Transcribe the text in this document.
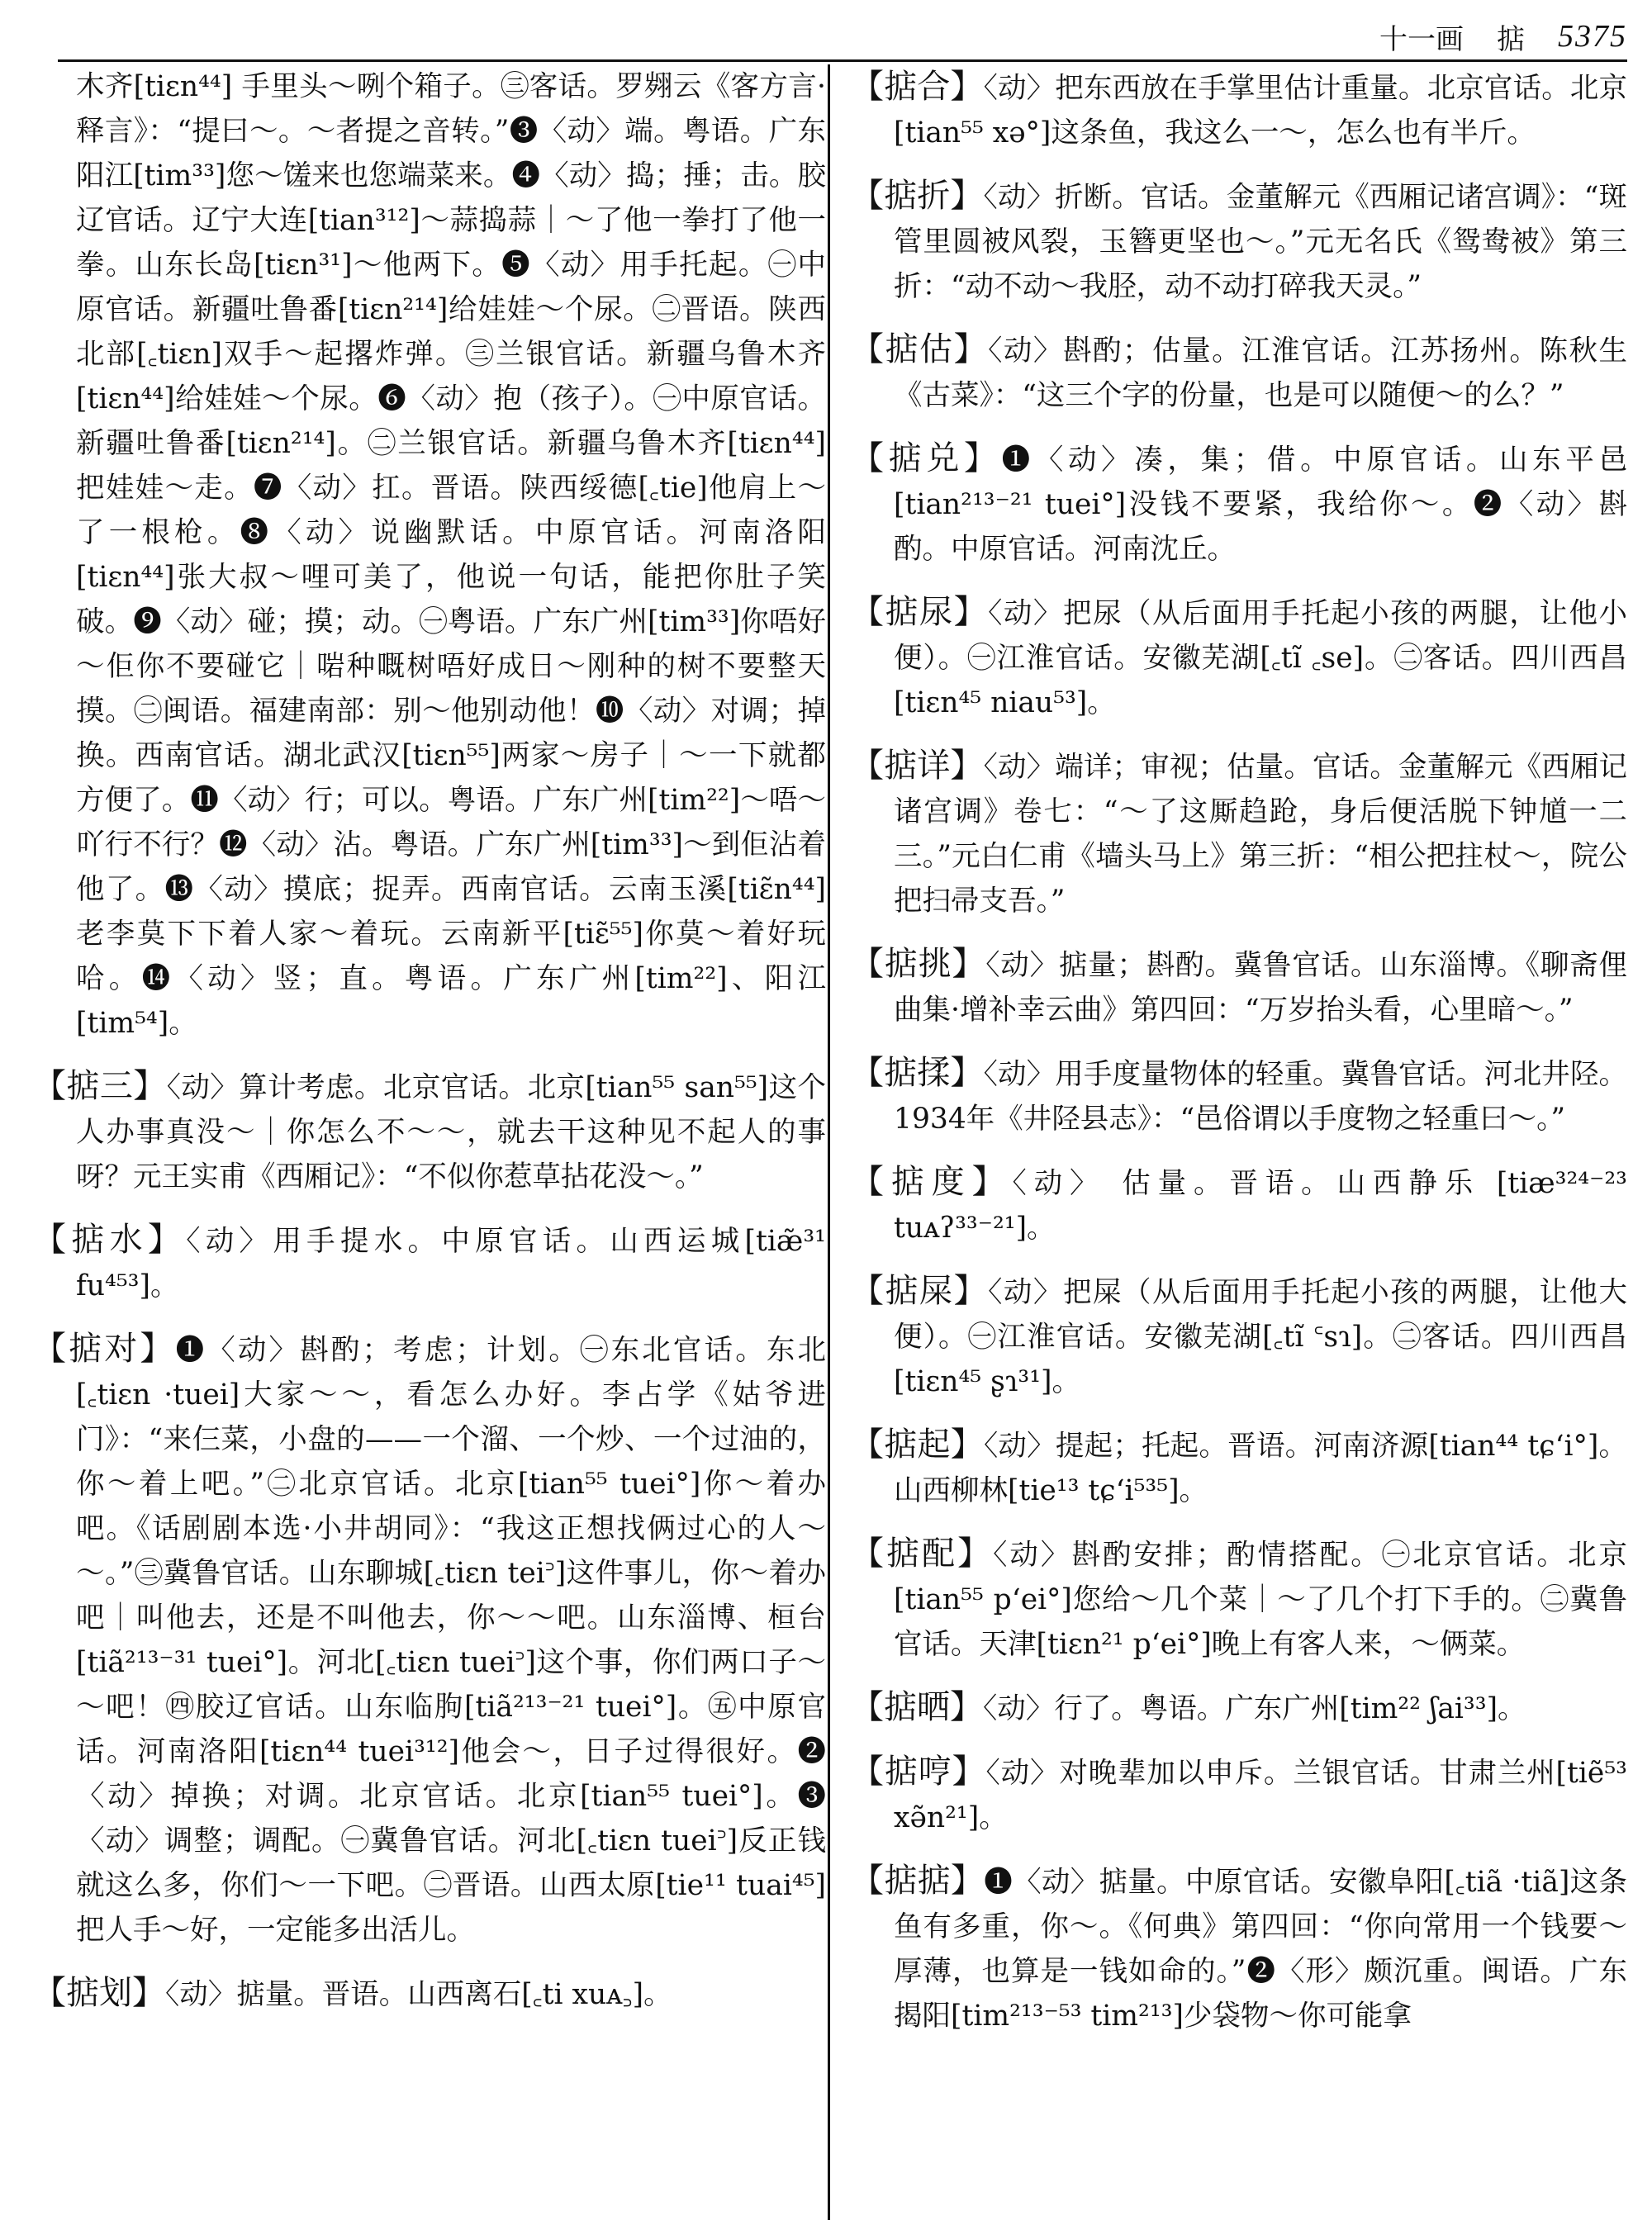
十一画 掂 5375

木齐[tiɛn⁴⁴] 手里头～咧个箱子。㊂客话。罗翙云《客方言·释言》：“提曰～。～者提之音转。”❸〈动〉端。粤语。广东阳江[tim³³]您～馐来也您端菜来。❹〈动〉捣；捶；击。胶辽官话。辽宁大连[tian³¹²]～蒜捣蒜｜～了他一拳打了他一拳。山东长岛[tiɛn³¹]～他两下。❺〈动〉用手托起。㊀中原官话。新疆吐鲁番[tiɛn²¹⁴]给娃娃～个尿。㊁晋语。陕西北部[꜀tiɛn]双手～起撂炸弹。㊂兰银官话。新疆乌鲁木齐[tiɛn⁴⁴]给娃娃～个尿。❻〈动〉抱（孩子）。㊀中原官话。新疆吐鲁番[tiɛn²¹⁴]。㊁兰银官话。新疆乌鲁木齐[tiɛn⁴⁴]把娃娃～走。❼〈动〉扛。晋语。陕西绥德[꜀tie]他肩上～了一根枪。❽〈动〉说幽默话。中原官话。河南洛阳[tiɛn⁴⁴]张大叔～哩可美了，他说一句话，能把你肚子笑破。❾〈动〉碰；摸；动。㊀粤语。广东广州[tim³³]你唔好～佢你不要碰它｜啱种嘅树唔好成日～刚种的树不要整天摸。㊁闽语。福建南部：别～他别动他！❿〈动〉对调；掉换。西南官话。湖北武汉[tiɛn⁵⁵]两家～房子｜～一下就都方便了。⓫〈动〉行；可以。粤语。广东广州[tim²²]～唔～吖行不行？⓬〈动〉沾。粤语。广东广州[tim³³]～到佢沾着他了。⓭〈动〉摸底；捉弄。西南官话。云南玉溪[tiɛ̃n⁴⁴]老李莫下下着人家～着玩。云南新平[tiɛ̃⁵⁵]你莫～着好玩哈。⓮〈动〉竖；直。粤语。广东广州[tim²²]、阳江[tim⁵⁴]。

【掂三】〈动〉算计考虑。北京官话。北京[tian⁵⁵ san⁵⁵]这个人办事真没～｜你怎么不～～，就去干这种见不起人的事呀？元王实甫《西厢记》：“不似你惹草拈花没～。”

【掂水】〈动〉用手提水。中原官话。山西运城[tiæ̃³¹ fu⁴⁵³]。

【掂对】❶〈动〉斟酌；考虑；计划。㊀东北官话。东北[꜀tiɛn ·tuei]大家～～，看怎么办好。李占学《姑爷进门》：“来仨菜，小盘的——一个溜、一个炒、一个过油的，你～着上吧。”㊁北京官话。北京[tian⁵⁵ tuei°]你～着办吧。《话剧剧本选·小井胡同》：“我这正想找俩过心的人～～。”㊂冀鲁官话。山东聊城[꜀tiɛn tei꜄]这件事儿，你～着办吧｜叫他去，还是不叫他去，你～～吧。山东淄博、桓台[tiã²¹³⁻³¹ tuei°]。河北[꜀tiɛn tuei꜄]这个事，你们两口子～～吧！㊃胶辽官话。山东临朐[tiã²¹³⁻²¹ tuei°]。㊄中原官话。河南洛阳[tiɛn⁴⁴ tuei³¹²]他会～，日子过得很好。❷〈动〉掉换；对调。北京官话。北京[tian⁵⁵ tuei°]。❸〈动〉调整；调配。㊀冀鲁官话。河北[꜀tiɛn tuei꜄]反正钱就这么多，你们～一下吧。㊁晋语。山西太原[tie¹¹ tuai⁴⁵]把人手～好，一定能多出活儿。

【掂划】〈动〉掂量。晋语。山西离石[꜀ti xuᴀ꜆]。

【掂合】〈动〉把东西放在手掌里估计重量。北京官话。北京[tian⁵⁵ xə°]这条鱼，我这么一～，怎么也有半斤。

【掂折】〈动〉折断。官话。金董解元《西厢记诸宫调》：“斑管里圆被风裂，玉簪更坚也～。”元无名氏《鸳鸯被》第三折：“动不动～我胫，动不动打碎我天灵。”

【掂估】〈动〉斟酌；估量。江淮官话。江苏扬州。陈秋生《古菜》：“这三个字的份量，也是可以随便～的么？”

【掂兑】❶〈动〉凑，集；借。中原官话。山东平邑[tian²¹³⁻²¹ tuei°]没钱不要紧，我给你～。❷〈动〉斟酌。中原官话。河南沈丘。

【掂尿】〈动〉把尿（从后面用手托起小孩的两腿，让他小便）。㊀江淮官话。安徽芜湖[꜀tĩ ꜀se]。㊁客话。四川西昌[tiɛn⁴⁵ niau⁵³]。

【掂详】〈动〉端详；审视；估量。官话。金董解元《西厢记诸宫调》卷七：“～了这厮趋跄，身后便活脱下钟馗一二三。”元白仁甫《墙头马上》第三折：“相公把拄杖～，院公把扫帚支吾。”

【掂挑】〈动〉掂量；斟酌。冀鲁官话。山东淄博。《聊斋俚曲集·增补幸云曲》第四回：“万岁抬头看，心里暗～。”

【掂揉】〈动〉用手度量物体的轻重。冀鲁官话。河北井陉。1934年《井陉县志》：“邑俗谓以手度物之轻重曰～。”

【掂度】〈动〉 估量。晋语。山西静乐 [tiæ³²⁴⁻²³ tuᴀʔ³³⁻²¹]。

【掂屎】〈动〉把屎（从后面用手托起小孩的两腿，让他大便）。㊀江淮官话。安徽芜湖[꜀tĩ ꜂sɿ]。㊁客话。四川西昌[tiɛn⁴⁵ ʂɿ³¹]。

【掂起】〈动〉提起；托起。晋语。河南济源[tian⁴⁴ tɕʻi°]。山西柳林[tie¹³ tɕʻi⁵³⁵]。

【掂配】〈动〉斟酌安排；酌情搭配。㊀北京官话。北京[tian⁵⁵ pʻei°]您给～几个菜｜～了几个打下手的。㊁冀鲁官话。天津[tiɛn²¹ pʻei°]晚上有客人来，～俩菜。

【掂晒】〈动〉行了。粤语。广东广州[tim²² ʃai³³]。

【掂哼】〈动〉对晚辈加以申斥。兰银官话。甘肃兰州[tiẽ⁵³ xə̃n²¹]。

【掂掂】❶〈动〉掂量。中原官话。安徽阜阳[꜀tiã ·tiã]这条鱼有多重，你～。《何典》第四回：“你向常用一个钱要～厚薄，也算是一钱如命的。”❷〈形〉颇沉重。闽语。广东揭阳[tim²¹³⁻⁵³ tim²¹³]少袋物～你可能拿
